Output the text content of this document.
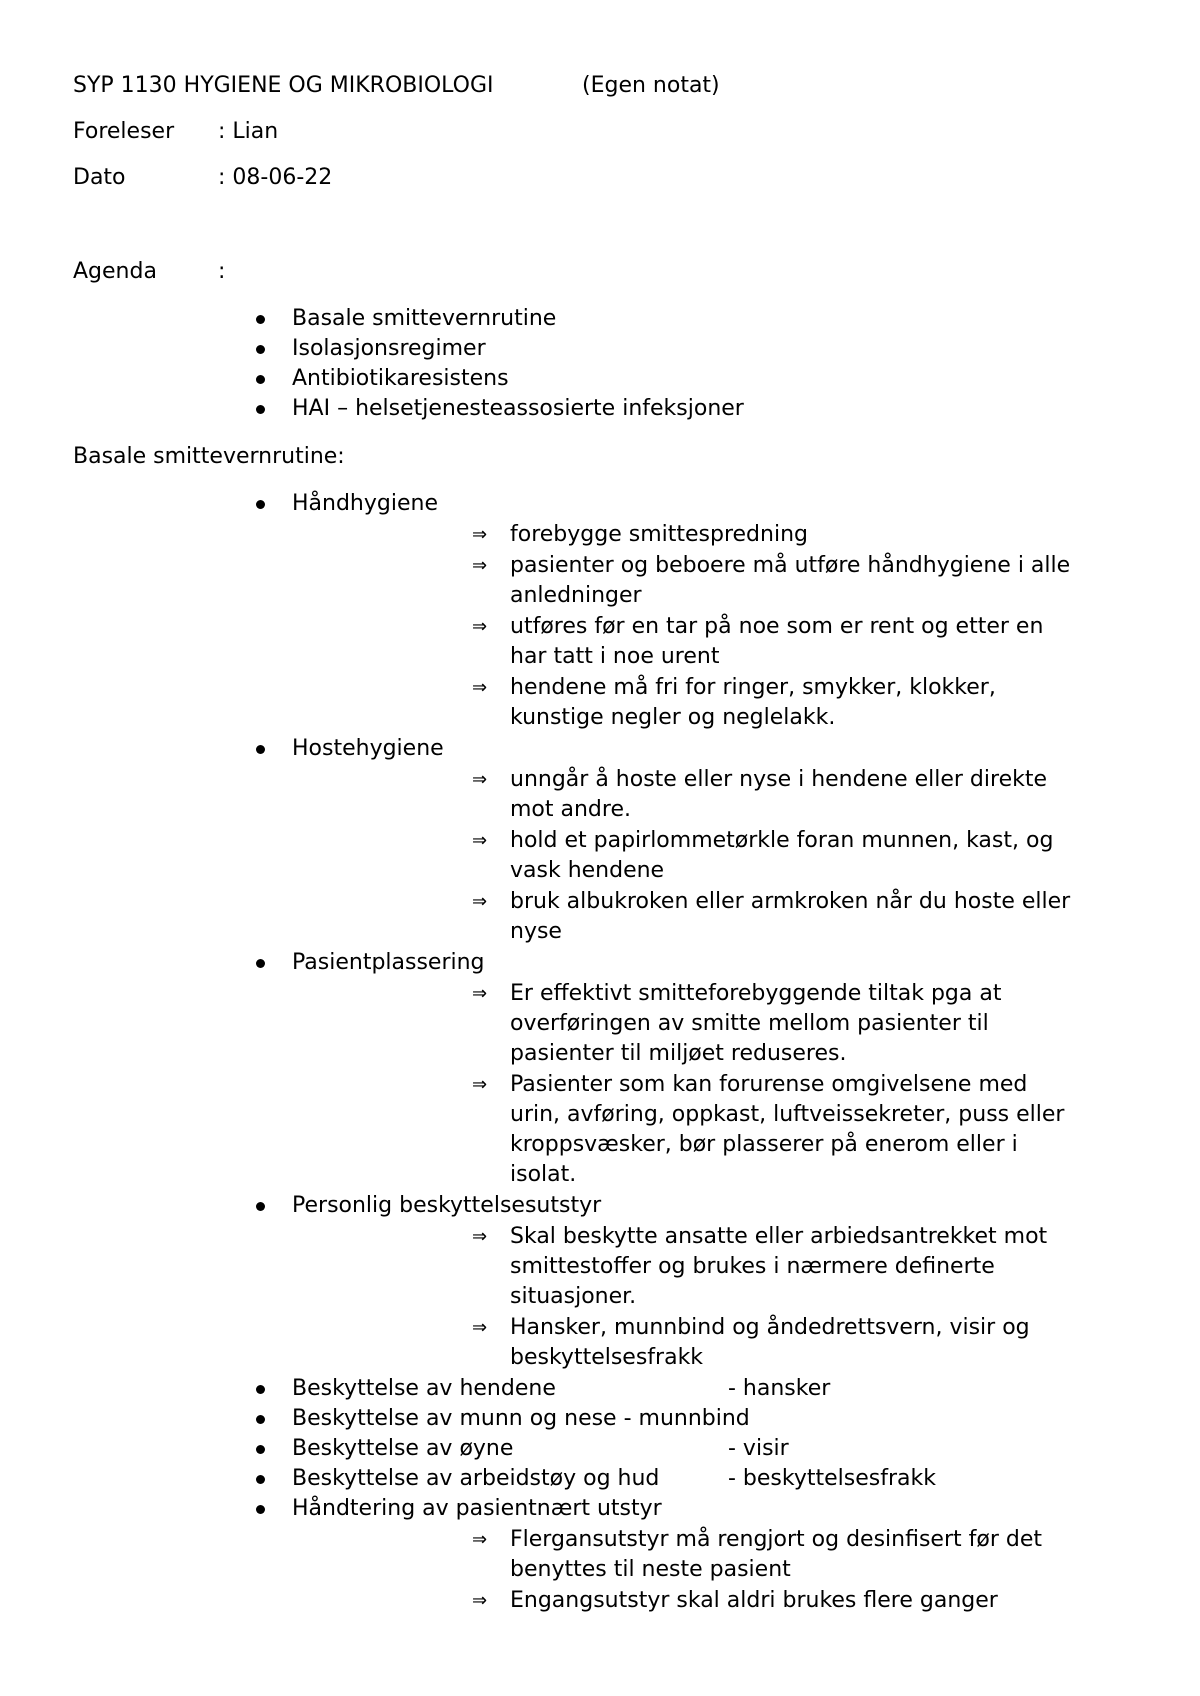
SYP 1130 HYGIENE OG MIKROBIOLOGI	(Egen notat)
Foreleser : Lian
Dato	: 08-06-22
Agenda	:
Basale smittevernrutine
Isolasjonsregimer
Antibiotikaresistens
HAI – helsetjenesteassosierte infeksjoner
Basale smittevernrutine:
Håndhygiene
⇒ forebygge smittespredning
⇒ pasienter og beboere må utføre håndhygiene i alle
anledninger
⇒ utføres før en tar på noe som er rent og etter en
har tatt i noe urent
⇒ hendene må fri for ringer, smykker, klokker,
kunstige negler og neglelakk.
Hostehygiene
⇒ unngår å hoste eller nyse i hendene eller direkte
mot andre.
⇒ hold et papirlommetørkle foran munnen, kast, og
vask hendene
⇒ bruk albukroken eller armkroken når du hoste eller
nyse
Pasientplassering
⇒ Er effektivt smitteforebyggende tiltak pga at
overføringen av smitte mellom pasienter til
pasienter til miljøet reduseres.
⇒ Pasienter som kan forurense omgivelsene med
urin, avføring, oppkast, luftveissekreter, puss eller
kroppsvæsker, bør plasserer på enerom eller i
isolat.
Personlig beskyttelsesutstyr
⇒ Skal beskytte ansatte eller arbiedsantrekket mot
smittestoffer og brukes i nærmere definerte
situasjoner.
⇒ Hansker, munnbind og åndedrettsvern, visir og
beskyttelsesfrakk
Beskyttelse av hendene	- hansker
Beskyttelse av munn og nese - munnbind
Beskyttelse av øyne	- visir
Beskyttelse av arbeidstøy og hud	- beskyttelsesfrakk
Håndtering av pasientnært utstyr
⇒ Flergansutstyr må rengjort og desinfisert før det
benyttes til neste pasient
⇒ Engangsutstyr skal aldri brukes flere ganger
